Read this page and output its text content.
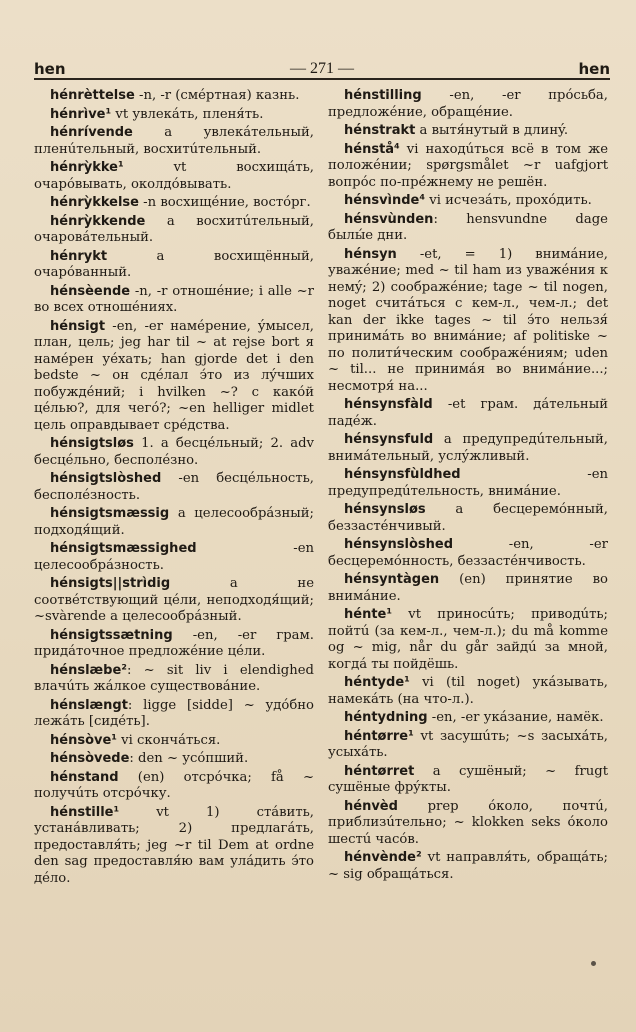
hen	— 271 —	hen

hénrèttelse -n, -r (смéртная) казнь.

hénrìve¹ vt увлекáть, пленя́ть.

hénrívende a увлекáтельный, пленúтельный, восхитúтельный.

hénrỳkke¹ vt восхищáть, очарóвывать, околдóвывать.

hénrỳkkelse -n восхищéние, востóрг.

hénrỳkkende a восхитúтельный, очаровáтельный.

hénrykt a восхищённый, очарóванный.

hénsèende -n, -r отношéние; i alle ~r во всех отношéниях.

hénsigt -en, -er намéрение, ýмысел, план, цель; jeg har til ~ at rejse bort я намéрен уéхать; han gjorde det i den bedste ~ он сдéлал э́то из лýчших побуждéний; i hvilken ~? с какóй цéлью?, для чегó?; ~en helliger midlet цель оправдывает срéдства.

hénsigtsløs 1. a бесцéльный; 2. adv бесцéльно, бесполéзно.

hénsigtslòshed -en бесцéльность, бесполéзность.

hénsigtsmæssig a целесообрáзный; подходя́щий.

hénsigtsmæssighed -en целесообрáзность.

hénsigts||strìdig a не соотвéтствующий цéли, неподходя́щий; ~svàrende a целесообрáзный.

hénsigtssætning -en, -er грам. придáточное предложéние цéли.

hénslæbe²: ~ sit liv i elendighed влачúть жáлкое существовáние.

hénslængt: ligge [sidde] ~ удóбно лежáть [сидéть].

hénsòve¹ vi скончáться.

hénsòvede: den ~ усóпший.

hénstand (en) отсрóчка; få ~ получúть отсрóчку.

hénstille¹ vt 1) стáвить, устанáвливать; 2) предлагáть, предоставля́ть; jeg ~r til Dem at ordne den sag предоставля́ю вам улáдить э́то дéло.

hénstilling -en, -er прóсьба, предложéние, обращéние.

hénstrakt a вытя́нутый в длинý.

hénstå⁴ vi находúться всё в том же положéнии; spørgsmålet ~r uafgjort вопрóс по-прéжнему не решён.

hénsvìnde⁴ vi исчезáть, прохóдить.

hénsvùnden: hensvundne dage былы́е дни.

hénsyn -et, = 1) внимáние, уважéние; med ~ til ham из уважéния к немý; 2) соображéние; tage ~ til nogen, noget считáться с кем-л., чем-л.; det kan der ikke tages ~ til э́то нельзя́ принимáть во внимáние; af politiske ~ по полити́ческим соображéниям; uden ~ til... не принимáя во внимáние...; несмотря́ на...

hénsynsfàld -et грам. дáтельный падéж.

hénsynsfuld a предупредúтельный, внимáтельный, услýжливый.

hénsynsfùldhed -en предупредúтельность, внимáние.

hénsynsløs a бесцеремóнный, беззастéнчивый.

hénsynslòshed -en, -er бесцеремóнность, беззастéнчивость.

hénsyntàgen (en) принятие во внимáние.

hénte¹ vt приносúть; приводúть; пойтú (за кем-л., чем-л.); du må komme og ~ mig, når du går зайдú за мной, когдá ты пойдёшь.

héntyde¹ vi (til noget) укáзывать, намекáть (на что-л.).

héntydning -en, -er укáзание, намёк.

héntørre¹ vt засушúть; ~s засыхáть, усыхáть.

héntørret a сушёный; ~ frugt сушёные фрýкты.

hénvèd prep óколо, почтú, приблизúтельно; ~ klokken seks óколо шестú часóв.

hénvènde² vt направля́ть, обращáть; ~ sig обращáться.
